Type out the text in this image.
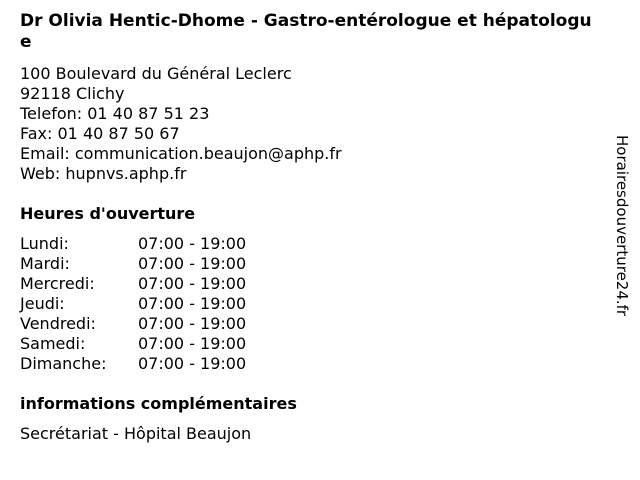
Dr Olivia Hentic-Dhome - Gastro-entérologue et hépatologue
100 Boulevard du Général Leclerc
92118 Clichy
Telefon: 01 40 87 51 23
Fax: 01 40 87 50 67
Email: communication.beaujon@aphp.fr
Web: hupnvs.aphp.fr
Heures d'ouverture
Lundi:	07:00 - 19:00
Mardi:	07:00 - 19:00
Mercredi:	07:00 - 19:00
Jeudi:	07:00 - 19:00
Vendredi:	07:00 - 19:00
Samedi:	07:00 - 19:00
Dimanche:	07:00 - 19:00
informations complémentaires
Secrétariat - Hôpital Beaujon
Horairesdouverture24.fr
